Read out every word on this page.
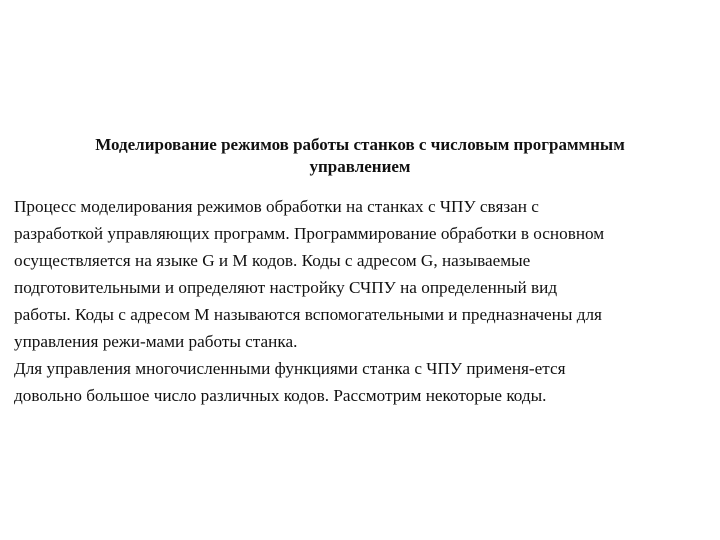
Моделирование режимов работы станков с числовым программным
управлением
Процесс моделирования режимов обработки на станках с ЧПУ связан с
разработкой управляющих программ. Программирование обработки в основном
осуществляется на языке G и М кодов. Коды с адресом G, называемые
подготовительными и определяют настройку СЧПУ на определенный вид
работы. Коды с адресом М называются вспомогательными и предназначены для
управления режи-мами работы станка.
Для управления многочисленными функциями станка с ЧПУ применя-ется
довольно большое число различных кодов. Рассмотрим некоторые коды.
